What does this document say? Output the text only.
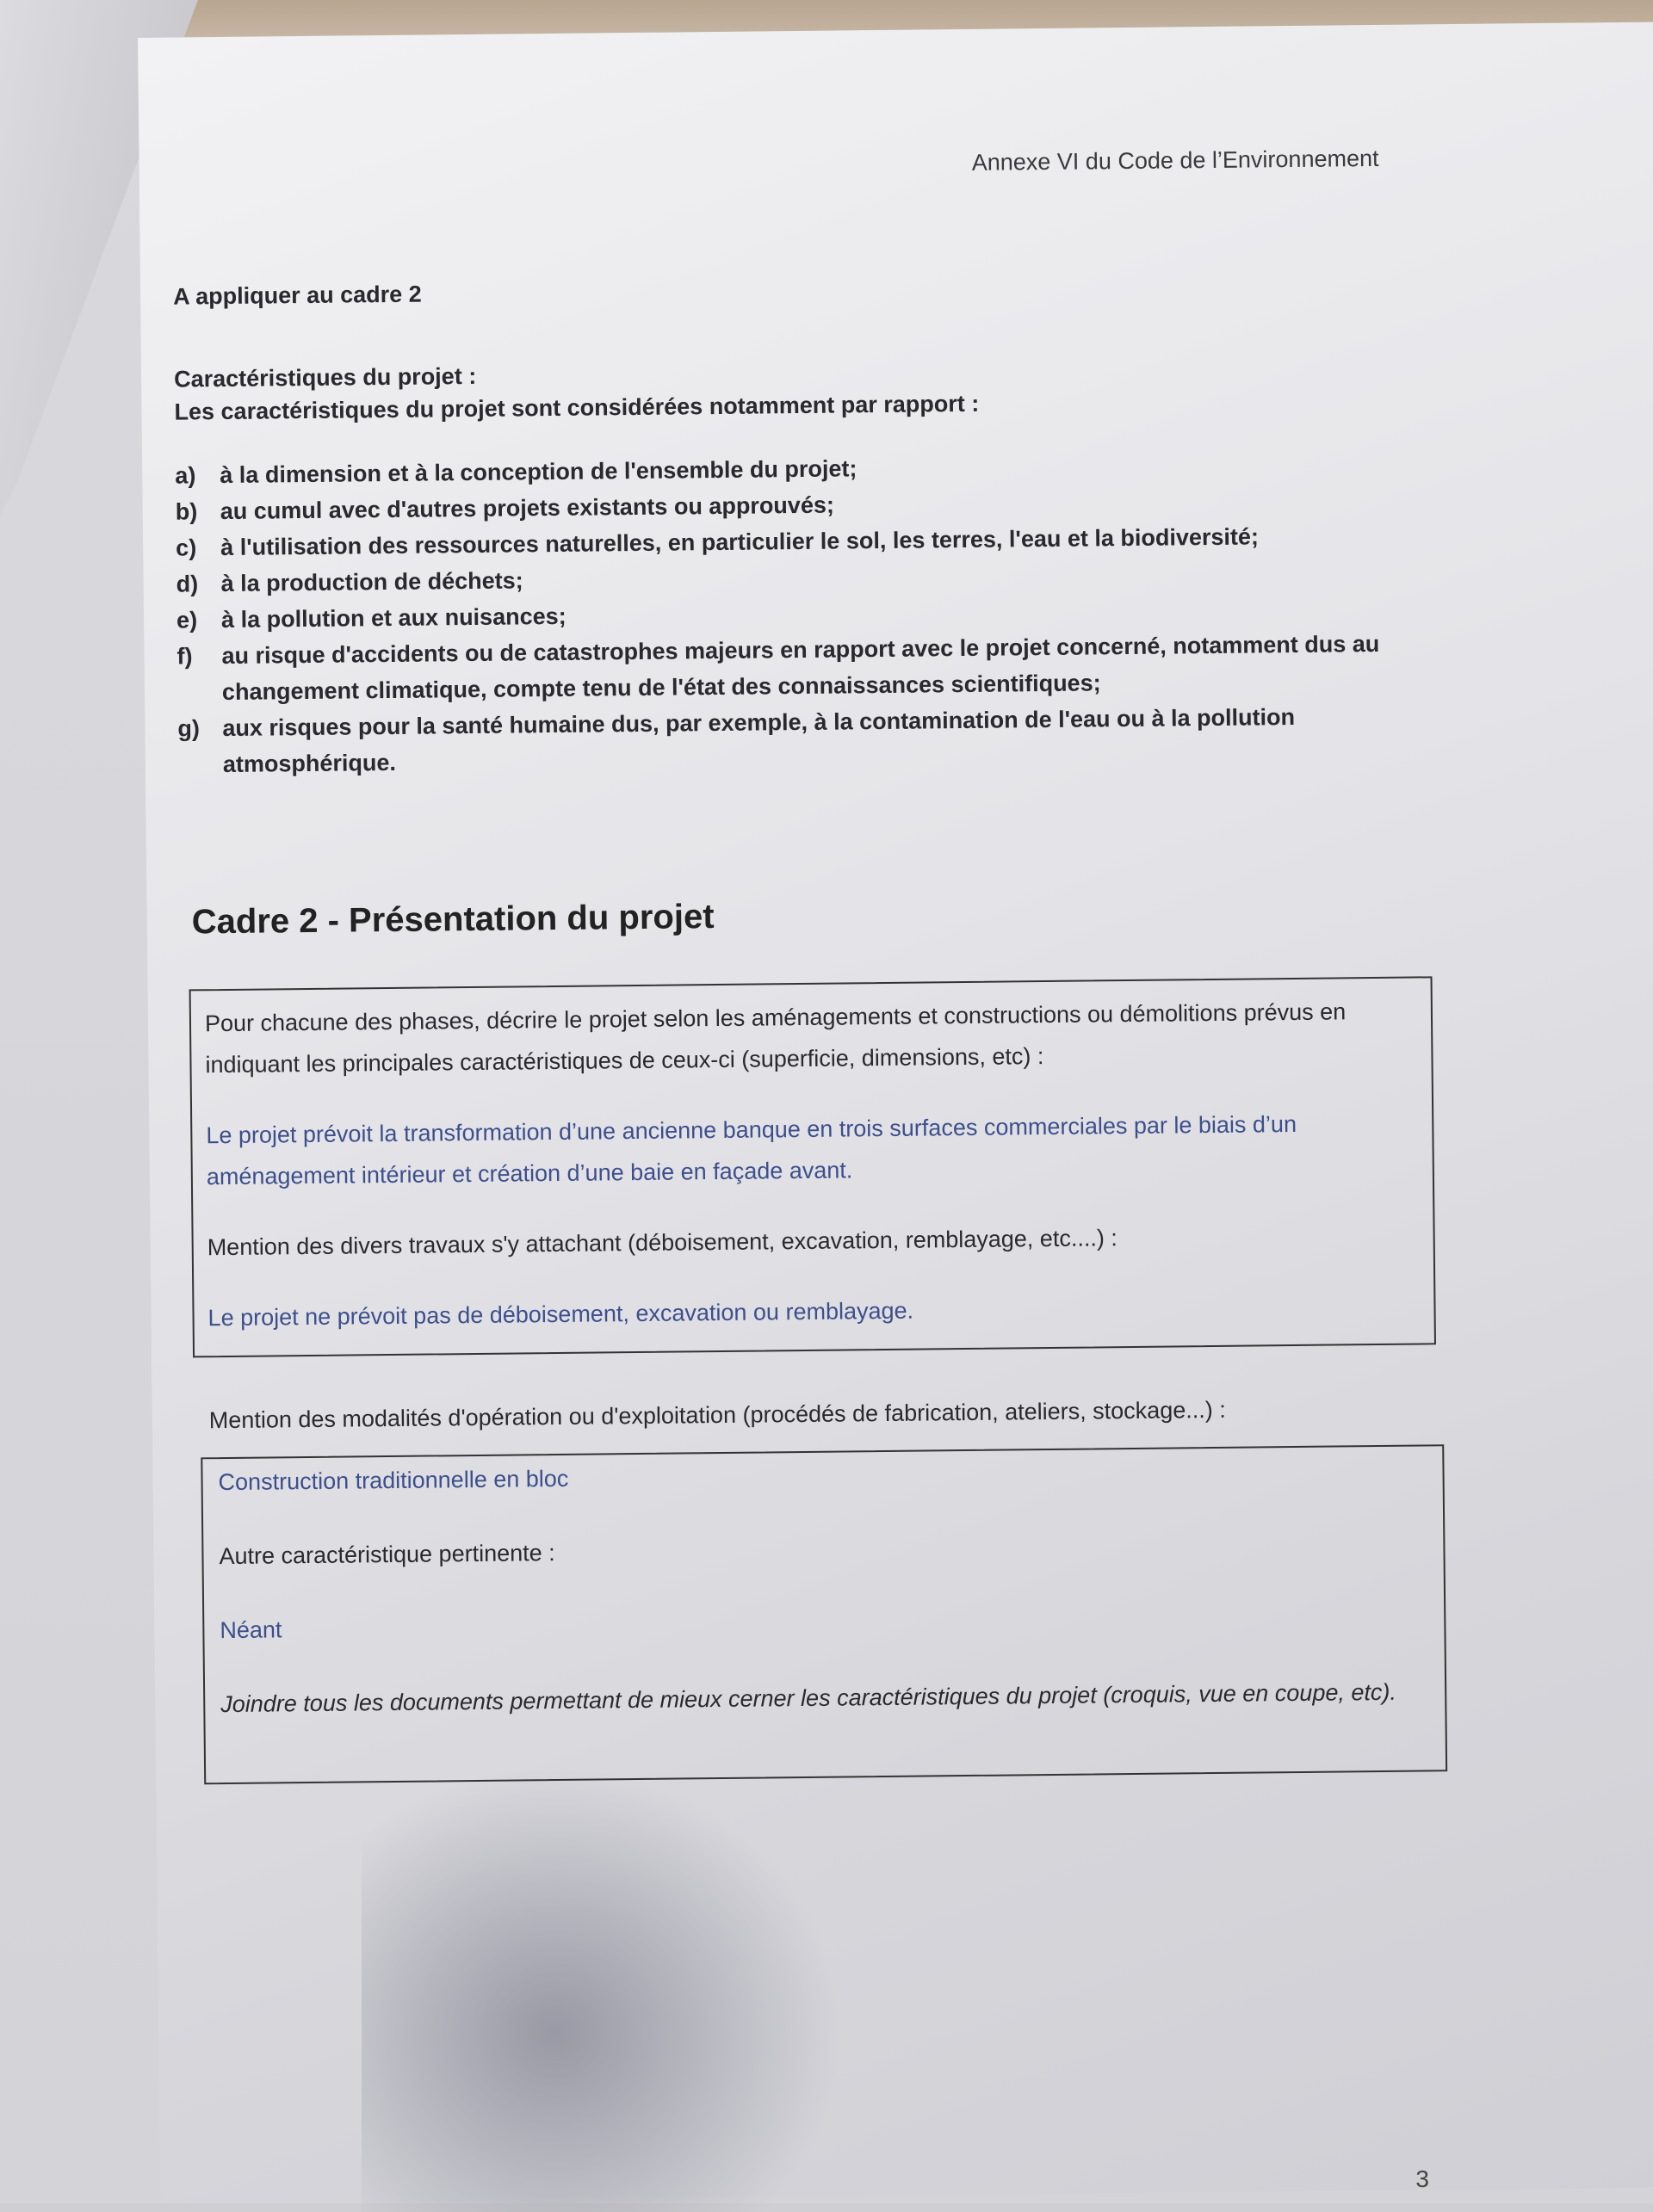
Annexe VI du Code de l’Environnement
A appliquer au cadre 2
Caractéristiques du projet :
Les caractéristiques du projet sont considérées notamment par rapport :
a)	à la dimension et à la conception de l'ensemble du projet;
b) au cumul avec d'autres projets existants ou approuvés;
c)	à l'utilisation des ressources naturelles, en particulier le sol, les terres, l'eau et la biodiversité;
d) à la production de déchets;
e)	à la pollution et aux nuisances;
f)	au risque d'accidents ou de catastrophes majeurs en rapport avec le projet concerné, notamment dus au changement climatique, compte tenu de l'état des connaissances scientifiques;
g) aux risques pour la santé humaine dus, par exemple, à la contamination de l'eau ou à la pollution atmosphérique.
Cadre 2 - Présentation du projet
Pour chacune des phases, décrire le projet selon les aménagements et constructions ou démolitions prévus en indiquant les principales caractéristiques de ceux-ci (superficie, dimensions, etc) :
Le projet prévoit la transformation d’une ancienne banque en trois surfaces commerciales par le biais d’un aménagement intérieur et création d’une baie en façade avant.
Mention des divers travaux s'y attachant (déboisement, excavation, remblayage, etc....) :
Le projet ne prévoit pas de déboisement, excavation ou remblayage.
Mention des modalités d'opération ou d'exploitation (procédés de fabrication, ateliers, stockage...) :
Construction traditionnelle en bloc
Autre caractéristique pertinente :
Néant
Joindre tous les documents permettant de mieux cerner les caractéristiques du projet (croquis, vue en coupe, etc).
3
